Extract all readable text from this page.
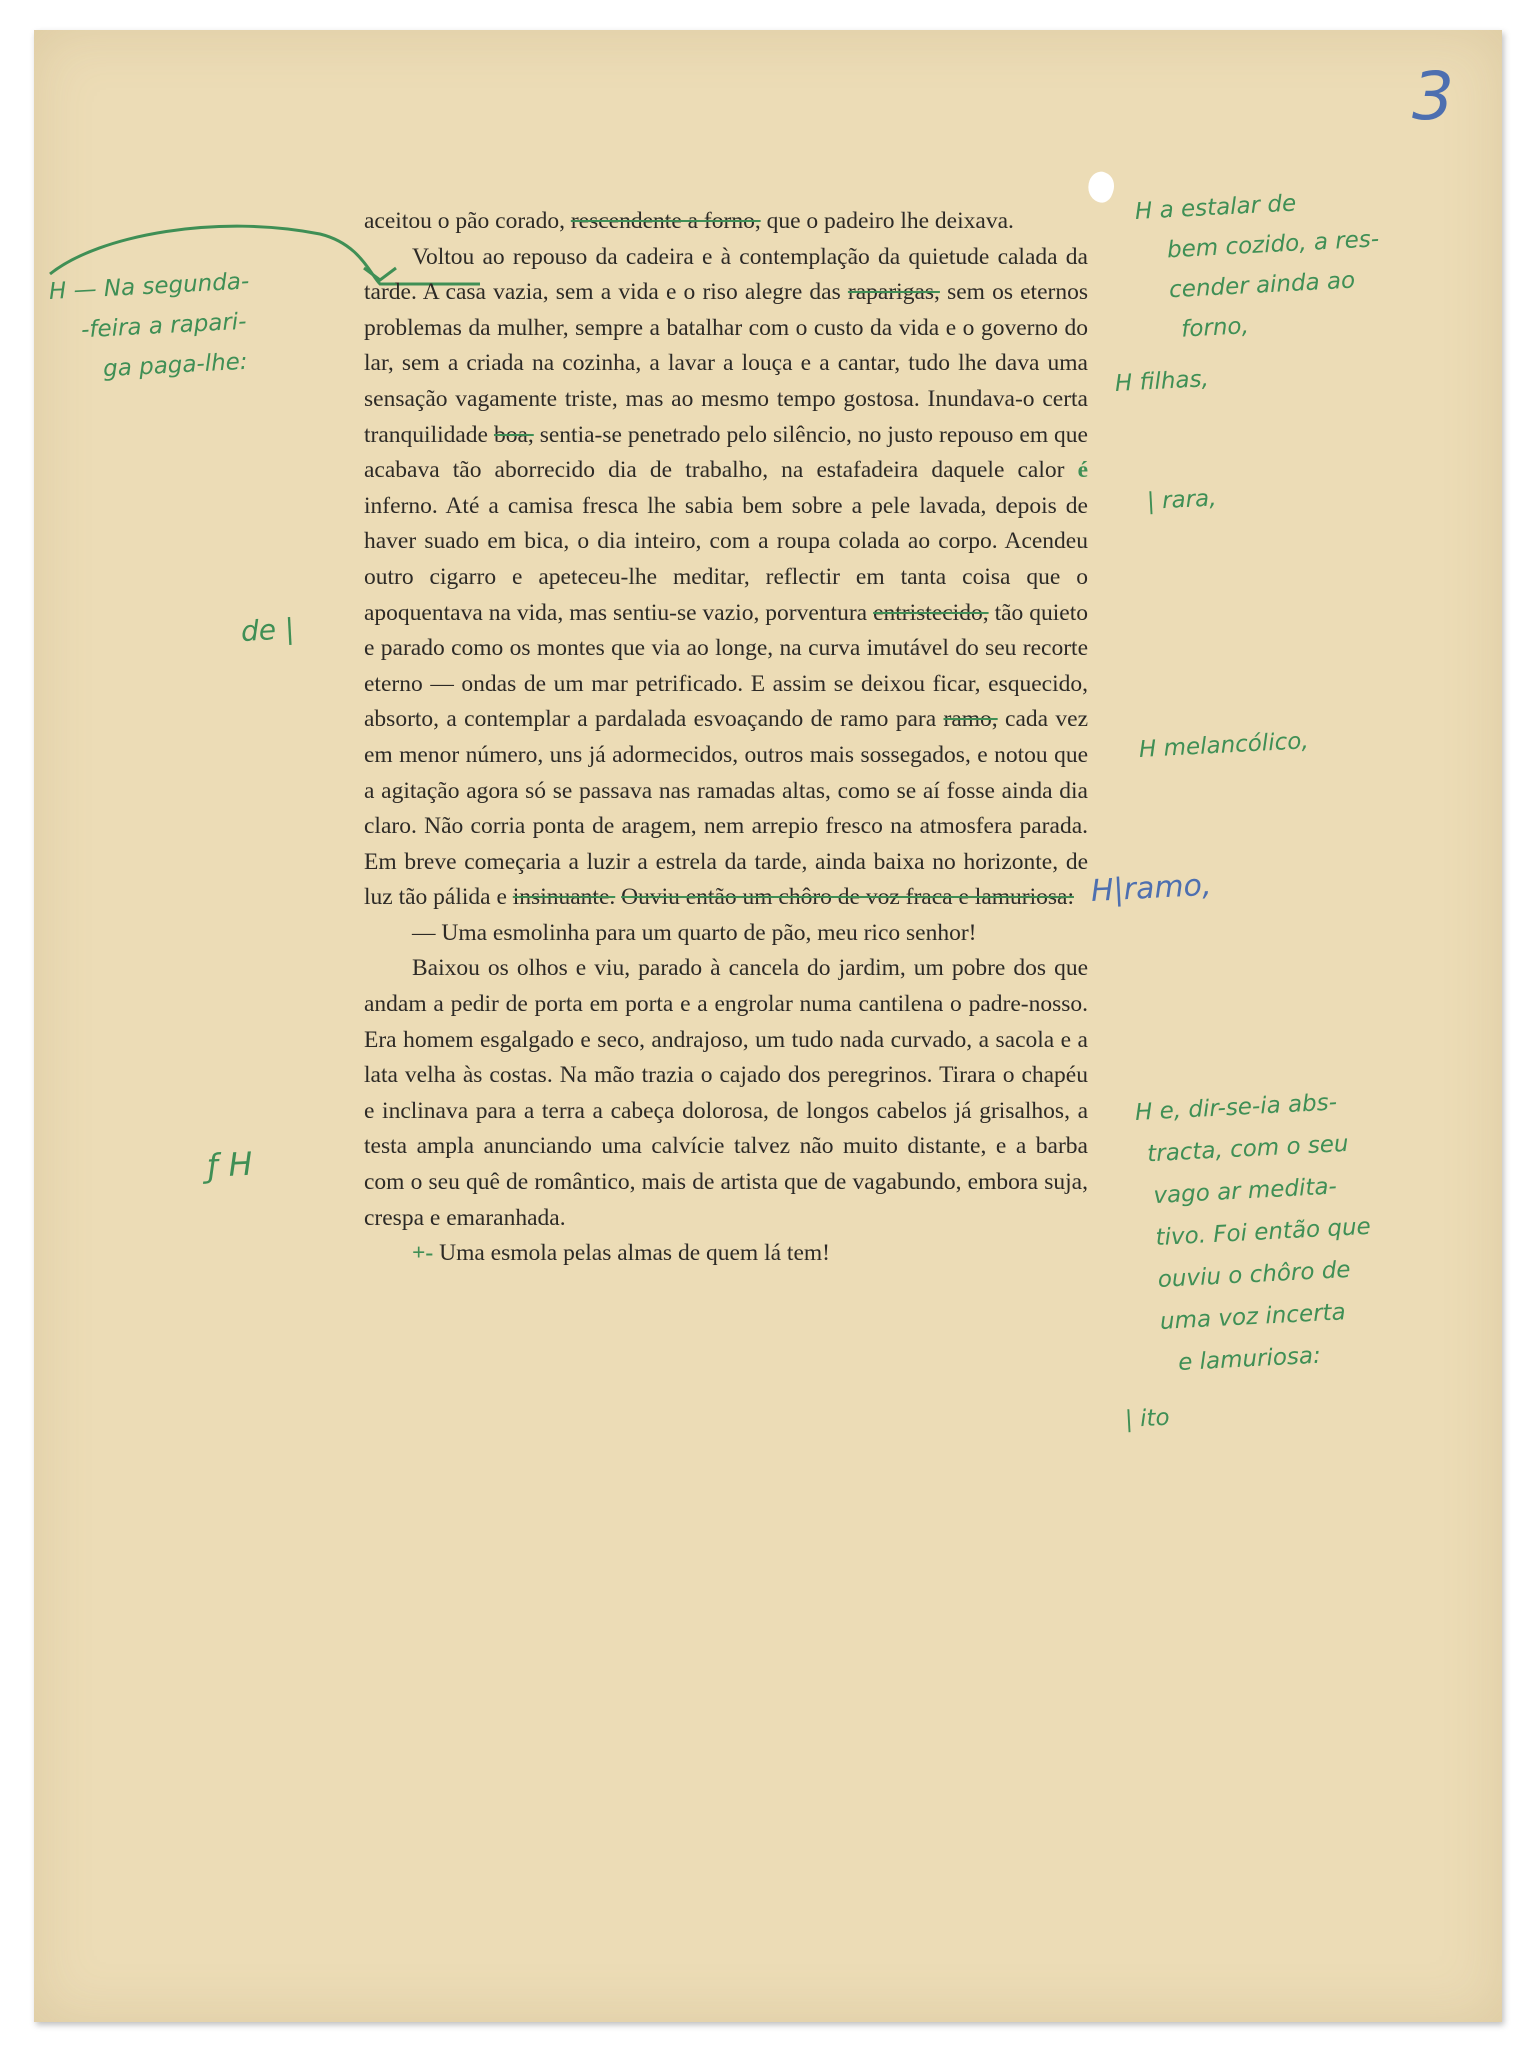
3

aceitou o pão corado, rescendente a forno, que o padeiro lhe deixava.

Voltou ao repouso da cadeira e à contemplação da quietude calada da tarde. A casa vazia, sem a vida e o riso alegre das raparigas, sem os eternos problemas da mulher, sempre a batalhar com o custo da vida e o governo do lar, sem a criada na cozinha, a lavar a louça e a cantar, tudo lhe dava uma sensação vagamente triste, mas ao mesmo tempo gostosa. Inundava-o certa tranquilidade boa, sentia-se penetrado pelo silêncio, no justo repouso em que acabava tão aborrecido dia de trabalho, na estafadeira daquele calor é inferno. Até a camisa fresca lhe sabia bem sobre a pele lavada, depois de haver suado em bica, o dia inteiro, com a roupa colada ao corpo. Acendeu outro cigarro e apeteceu-lhe meditar, reflectir em tanta coisa que o apoquentava na vida, mas sentiu-se vazio, porventura entristecido, tão quieto e parado como os montes que via ao longe, na curva imutável do seu recorte eterno — ondas de um mar petrificado. E assim se deixou ficar, esquecido, absorto, a contemplar a pardalada esvoaçando de ramo para ramo, cada vez em menor número, uns já adormecidos, outros mais sossegados, e notou que a agitação agora só se passava nas ramadas altas, como se aí fosse ainda dia claro. Não corria ponta de aragem, nem arrepio fresco na atmosfera parada. Em breve começaria a luzir a estrela da tarde, ainda baixa no horizonte, de luz tão pálida e insinuante. Ouviu então um chôro de voz fraca e lamuriosa:

— Uma esmolinha para um quarto de pão, meu rico senhor!

Baixou os olhos e viu, parado à cancela do jardim, um pobre dos que andam a pedir de porta em porta e a engrolar numa cantilena o padre-nosso. Era homem esgalgado e seco, andrajoso, um tudo nada curvado, a sacola e a lata velha às costas. Na mão trazia o cajado dos peregrinos. Tirara o chapéu e inclinava para a terra a cabeça dolorosa, de longos cabelos já grisalhos, a testa ampla anunciando uma calvície talvez não muito distante, e a barba com o seu quê de romântico, mais de artista que de vagabundo, embora suja, crespa e emaranhada.

+- Uma esmola pelas almas de quem lá tem!

H — Na segunda-
-feira a rapari-
ga paga-lhe:
de |
ƒ H
H a estalar de
bem cozido, a res-
cender ainda ao
forno,
H filhas,
| rara,
H melancólico,
H|ramo,
H e, dir-se-ia abs-
tracta, com o seu
vago ar medita-
tivo. Foi então que
ouviu o chôro de
uma voz incerta
e lamuriosa:
| ito
